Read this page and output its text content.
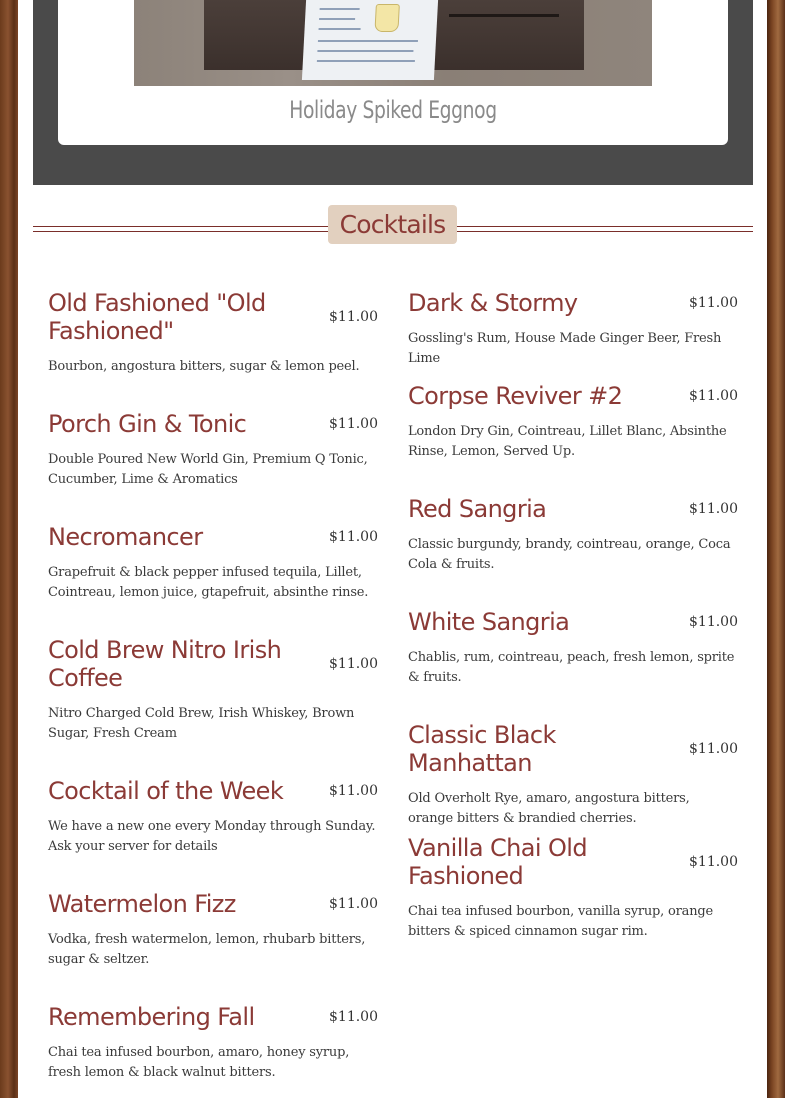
Holiday Spiked Eggnog
Cocktails
Old Fashioned "Old Fashioned"	$11.00
Bourbon, angostura bitters, sugar & lemon peel.
Porch Gin & Tonic	$11.00
Double Poured New World Gin, Premium Q Tonic, Cucumber, Lime & Aromatics
Necromancer	$11.00
Grapefruit & black pepper infused tequila, Lillet, Cointreau, lemon juice, gtapefruit, absinthe rinse.
Cold Brew Nitro Irish Coffee	$11.00
Nitro Charged Cold Brew, Irish Whiskey, Brown Sugar, Fresh Cream
Cocktail of the Week	$11.00
We have a new one every Monday through Sunday. Ask your server for details
Watermelon Fizz	$11.00
Vodka, fresh watermelon, lemon, rhubarb bitters, sugar & seltzer.
Remembering Fall	$11.00
Chai tea infused bourbon, amaro, honey syrup, fresh lemon & black walnut bitters.
Dark & Stormy	$11.00
Gossling's Rum, House Made Ginger Beer, Fresh Lime
Corpse Reviver #2	$11.00
London Dry Gin, Cointreau, Lillet Blanc, Absinthe Rinse, Lemon, Served Up.
Red Sangria	$11.00
Classic burgundy, brandy, cointreau, orange, Coca Cola & fruits.
White Sangria	$11.00
Chablis, rum, cointreau, peach, fresh lemon, sprite & fruits.
Classic Black Manhattan	$11.00
Old Overholt Rye, amaro, angostura bitters, orange bitters & brandied cherries.
Vanilla Chai Old Fashioned	$11.00
Chai tea infused bourbon, vanilla syrup, orange bitters & spiced cinnamon sugar rim.
